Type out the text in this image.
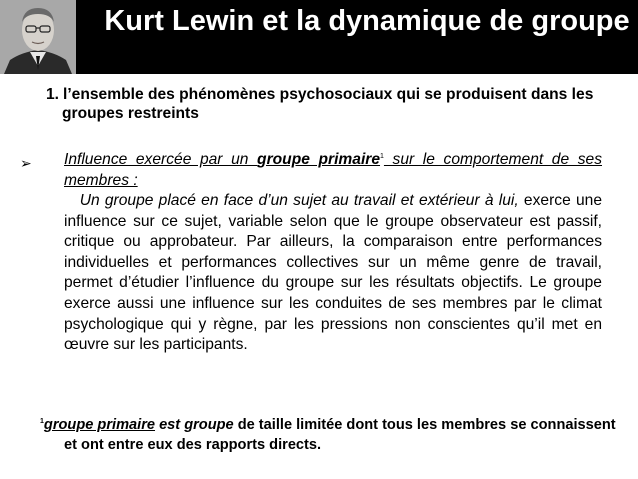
Kurt Lewin et la dynamique de groupe

1. l’ensemble des phénomènes psychosociaux qui se produisent dans les groupes restreints

➢	Influence exercée par un groupe primaire$^1$ sur le comportement de ses membres :

Un groupe placé en face d’un sujet au travail et extérieur à lui, exerce une influence sur ce sujet, variable selon que le groupe observateur est passif, critique ou approbateur. Par ailleurs, la comparaison entre performances individuelles et performances collectives sur un même genre de travail, permet d’étudier l’influence du groupe sur les résultats objectifs. Le groupe exerce aussi une influence sur les conduites de ses membres par le climat psychologique qui y règne, par les pressions non conscientes qu’il met en œuvre sur les participants.

$^1$groupe primaire est groupe de taille limitée dont tous les membres se connaissent et ont entre eux des rapports directs.
